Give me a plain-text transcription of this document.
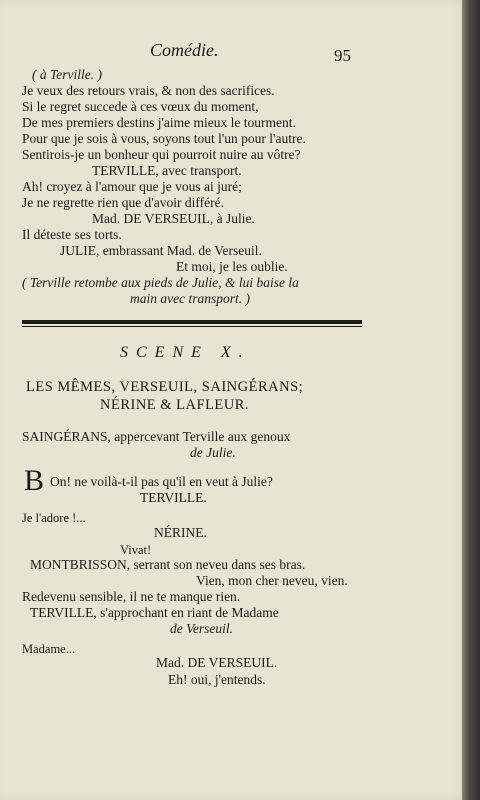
Comédie.	95
( à Terville. )
Je veux des retours vrais, & non des sacrifices.
Si le regret succede à ces vœux du moment,
De mes premiers destins j'aime mieux le tourment.
Pour que je sois à vous, soyons tout l'un pour l'autre.
Sentirois-je un bonheur qui pourroit nuire au vôtre?
TERVILLE, avec transport.
Ah! croyez à l'amour que je vous ai juré;
Je ne regrette rien que d'avoir différé.
Mad. DE VERSEUIL, à Julie.
Il déteste ses torts.
JULIE, embrassant Mad. de Verseuil.
Et moi, je les oublie.
( Terville retombe aux pieds de Julie, & lui baise la
main avec transport. )
SCENE X.
LES MÊMES, VERSEUIL, SAINGÉRANS;
NÉRINE & LAFLEUR.
SAINGÉRANS, appercevant Terville aux genoux
de Julie.
B On! ne voilà-t-il pas qu'il en veut à Julie?
TERVILLE.
Je l'adore !...
NÉRINE.
Vivat!
MONTBRISSON, serrant son neveu dans ses bras.
Vien, mon cher neveu, vien.
Redevenu sensible, il ne te manque rien.
TERVILLE, s'approchant en riant de Madame
de Verseuil.
Madame...
Mad. DE VERSEUIL.
Eh! oui, j'entends.
